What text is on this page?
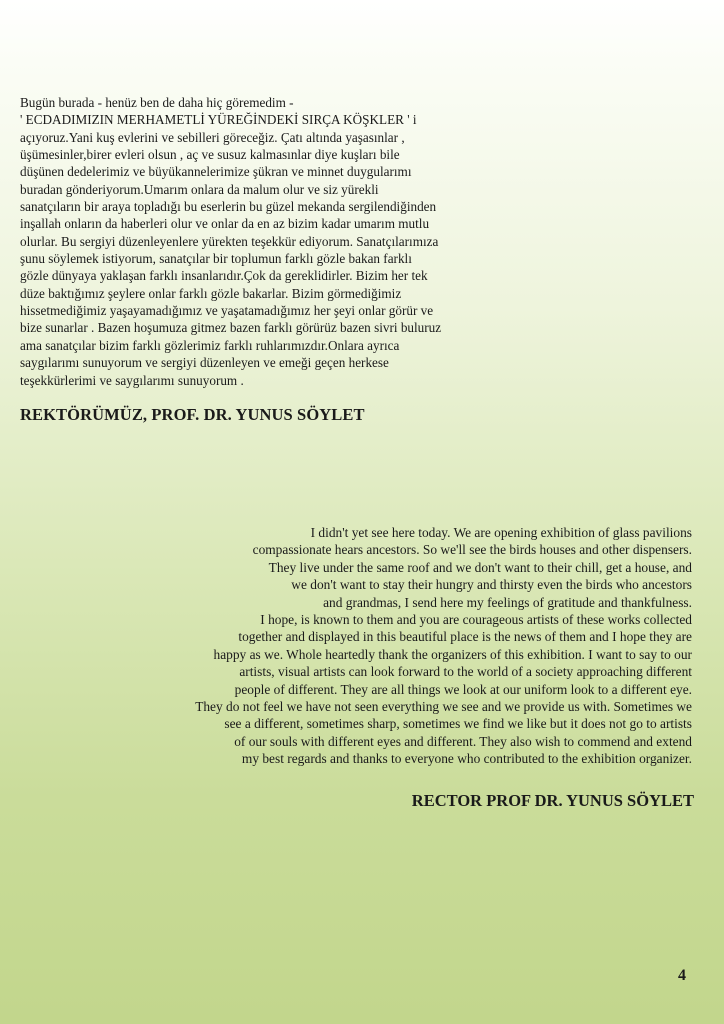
Bugün burada - henüz ben de daha hiç göremedim -
' ECDADIMIZIN MERHAMETLİ YÜREĞİNDEKİ SIRÇA KÖŞKLER ' i
açıyoruz.Yani kuş evlerini ve sebilleri göreceğiz. Çatı altında yaşasınlar ,
üşümesinler,birer evleri olsun , aç ve susuz kalmasınlar diye kuşları bile
düşünen dedelerimiz ve büyükannelerimize şükran ve minnet duygularımı
buradan gönderiyorum.Umarım onlara da malum olur ve siz yürekli
sanatçıların bir araya topladığı bu eserlerin bu güzel mekanda sergilendiğinden
inşallah onların da haberleri olur ve onlar da en az bizim kadar umarım mutlu
olurlar. Bu sergiyi düzenleyenlere yürekten teşekkür ediyorum. Sanatçılarımıza
şunu söylemek istiyorum, sanatçılar bir toplumun farklı gözle bakan farklı
gözle dünyaya yaklaşan farklı insanlarıdır.Çok da gereklidirler. Bizim her tek
düze baktığımız şeylere onlar farklı gözle bakarlar. Bizim görmediğimiz
hissetmediğimiz yaşayamadığımız ve yaşatamadığımız her şeyi onlar görür ve
bize sunarlar . Bazen hoşumuza gitmez bazen farklı görürüz bazen sivri buluruz
ama sanatçılar bizim farklı gözlerimiz farklı ruhlarımızdır.Onlara ayrıca
saygılarımı sunuyorum ve sergiyi düzenleyen ve emeği geçen herkese
teşekkürlerimi ve saygılarımı sunuyorum .
REKTÖRÜMÜZ, PROF. DR. YUNUS SÖYLET
I didn't yet see here today. We are opening exhibition of glass pavilions
compassionate hears ancestors. So we'll see the birds houses and other dispensers.
They live under the same roof and we don't want to their chill, get a house, and
we don't want to stay their hungry and thirsty even the birds who ancestors
and grandmas, I send here my feelings of gratitude and thankfulness.
I hope, is known to them and you are courageous artists of these works collected
together and displayed in this beautiful place is the news of them and I hope they are
happy as we. Whole heartedly thank the organizers of this exhibition. I want to say to our
artists, visual artists can look forward to the world of a society approaching different
people of different. They are all things we look at our uniform look to a different eye.
They do not feel we have not seen everything we see and we provide us with. Sometimes we
see a different, sometimes sharp, sometimes we find we like but it does not go to artists
of our souls with different eyes and different. They also wish to commend and extend
my best regards and thanks to everyone who contributed to the exhibition organizer.
RECTOR PROF DR. YUNUS SÖYLET
4
